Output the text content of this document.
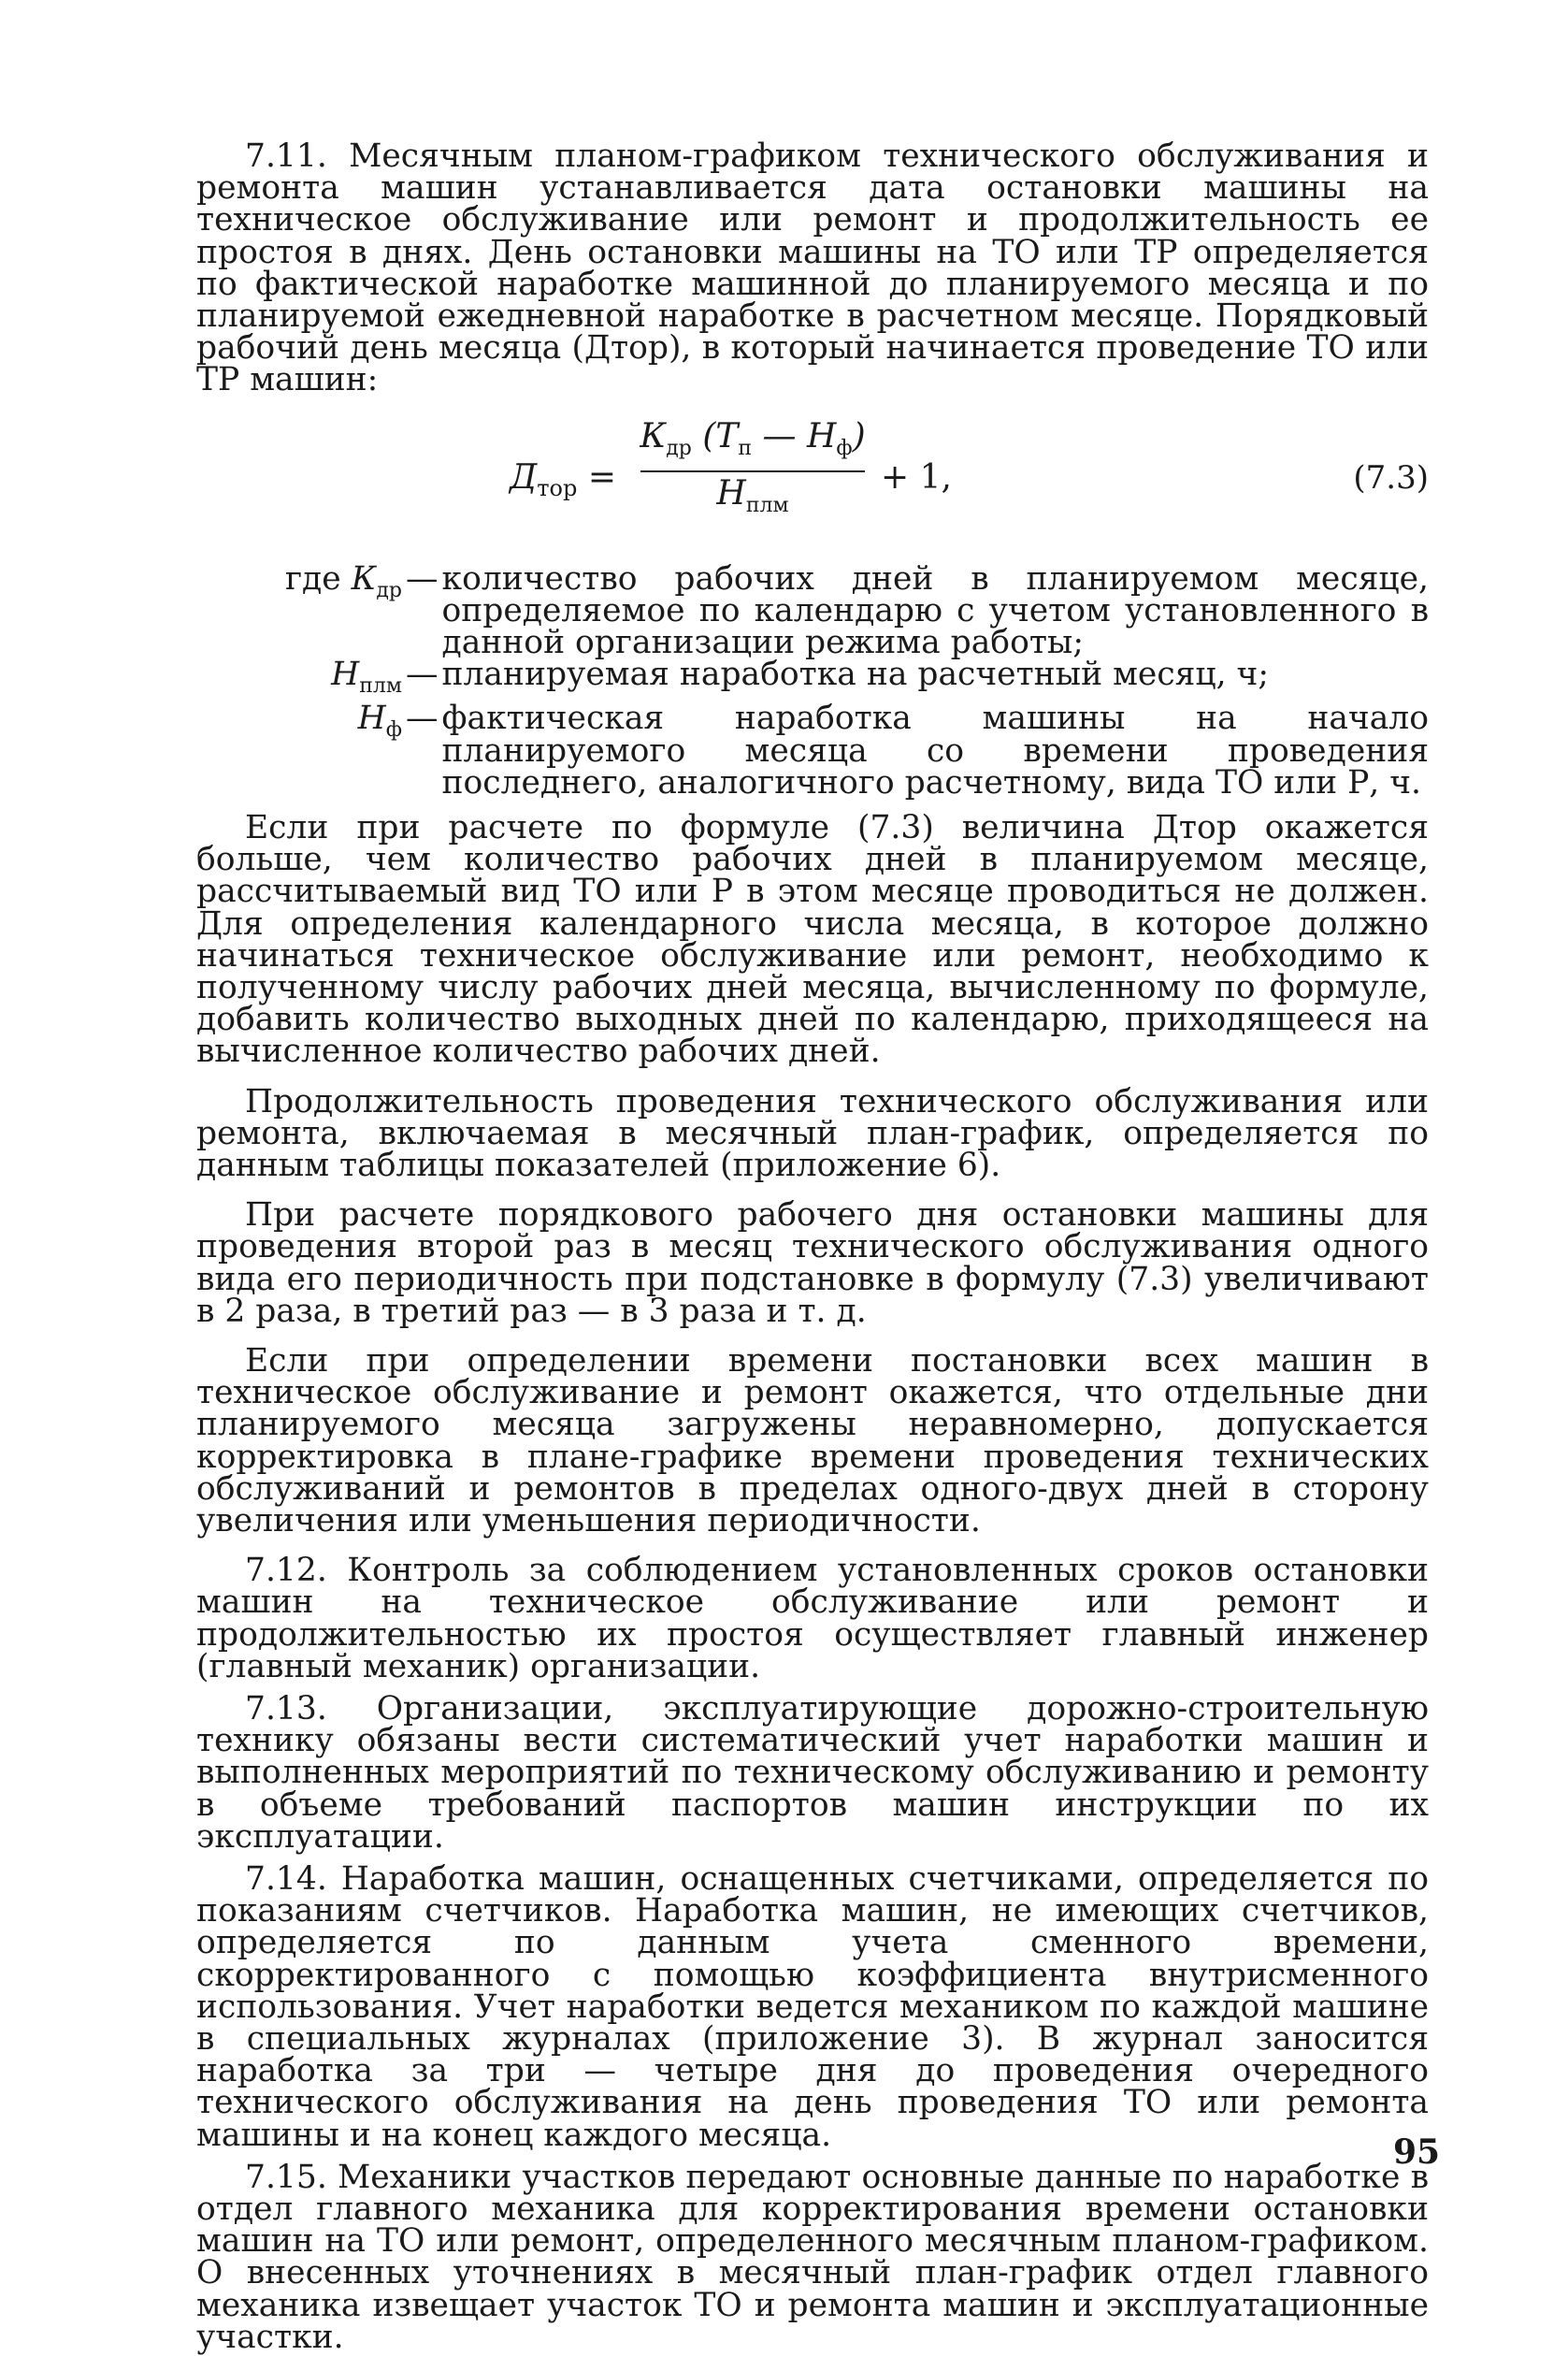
7.11. Месячным планом-графиком технического обслуживания и ремонта машин устанавливается дата остановки машины на техническое обслуживание или ремонт и продолжительность ее простоя в днях. День остановки машины на ТО или ТР определяется по фактической наработке машинной до планируемого месяца и по планируемой ежедневной наработке в расчетном месяце. Порядковый рабочий день месяца (Дтор), в который начинается проведение ТО или ТР машин:

$Д_{тор}$ =
$К_{др}$ ($T_п$ — $Н_ф$)
$Н_{плм}$
+ 1,	(7.3)
где $К_{др}$ — количество рабочих дней в планируемом месяце, определяемое по календарю с учетом установленного в данной организации режима работы;
$Н_{плм}$ — планируемая наработка на расчетный месяц, ч;
$Н_ф$ — фактическая наработка машины на начало планируемого месяца со времени проведения последнего, аналогичного расчетному, вида ТО или Р, ч.

Если при расчете по формуле (7.3) величина Дтор окажется больше, чем количество рабочих дней в планируемом месяце, рассчитываемый вид ТО или Р в этом месяце проводиться не должен. Для определения календарного числа месяца, в которое должно начинаться техническое обслуживание или ремонт, необходимо к полученному числу рабочих дней месяца, вычисленному по формуле, добавить количество выходных дней по календарю, приходящееся на вычисленное количество рабочих дней.

Продолжительность проведения технического обслуживания или ремонта, включаемая в месячный план-график, определяется по данным таблицы показателей (приложение 6).

При расчете порядкового рабочего дня остановки машины для проведения второй раз в месяц технического обслуживания одного вида его периодичность при подстановке в формулу (7.3) увеличивают в 2 раза, в третий раз — в 3 раза и т. д.

Если при определении времени постановки всех машин в техническое обслуживание и ремонт окажется, что отдельные дни планируемого месяца загружены неравномерно, допускается корректировка в плане-графике времени проведения технических обслуживаний и ремонтов в пределах одного-двух дней в сторону увеличения или уменьшения периодичности.

7.12. Контроль за соблюдением установленных сроков остановки машин на техническое обслуживание или ремонт и продолжительностью их простоя осуществляет главный инженер (главный механик) организации.

7.13. Организации, эксплуатирующие дорожно-строительную технику обязаны вести систематический учет наработки машин и выполненных мероприятий по техническому обслуживанию и ремонту в объеме требований паспортов машин инструкции по их эксплуатации.

7.14. Наработка машин, оснащенных счетчиками, определяется по показаниям счетчиков. Наработка машин, не имеющих счетчиков, определяется по данным учета сменного времени, скорректированного с помощью коэффициента внутрисменного использования. Учет наработки ведется механиком по каждой машине в специальных журналах (приложение 3). В журнал заносится наработка за три — четыре дня до проведения очередного технического обслуживания на день проведения ТО или ремонта машины и на конец каждого месяца.

7.15. Механики участков передают основные данные по наработке в отдел главного механика для корректирования времени остановки машин на ТО или ремонт, определенного месячным планом-графиком. О внесенных уточнениях в месячный план-график отдел главного механика извещает участок ТО и ремонта машин и эксплуатационные участки.

95
